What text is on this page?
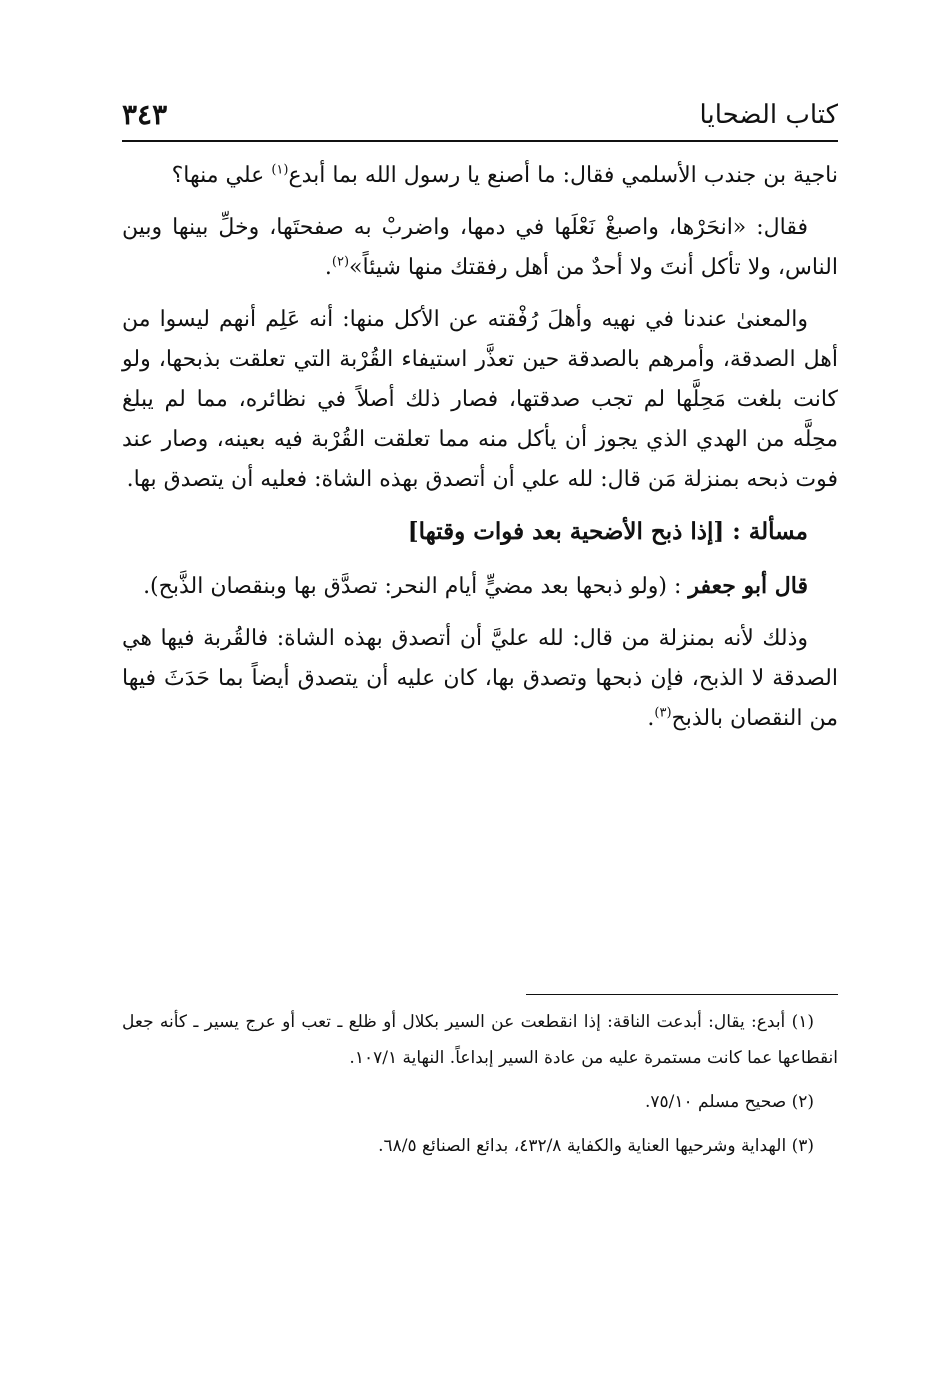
كتاب الضحايا
٣٤٣

ناجية بن جندب الأسلمي فقال: ما أصنع يا رسول الله بما أبدع$^{(١)}$ علي منها؟

فقال: «انحَرْها، واصبغْ نَعْلَها في دمها، واضربْ به صفحتَها، وخلِّ بينها وبين الناس، ولا تأكل أنتَ ولا أحدٌ من أهل رفقتك منها شيئاً»$^{(٢)}$.

والمعنىٰ عندنا في نهيه وأهلَ رُفْقته عن الأكل منها: أنه عَلِم أنهم ليسوا من أهل الصدقة، وأمرهم بالصدقة حين تعذَّر استيفاء القُرْبة التي تعلقت بذبحها، ولو كانت بلغت مَحِلَّها لم تجب صدقتها، فصار ذلك أصلاً في نظائره، مما لم يبلغ محِلَّه من الهدي الذي يجوز أن يأكل منه مما تعلقت القُرْبة فيه بعينه، وصار عند فوت ذبحه بمنزلة مَن قال: لله علي أن أتصدق بهذه الشاة: فعليه أن يتصدق بها.

مسألة : [إذا ذبح الأضحية بعد فوات وقتها]

قال أبو جعفر : (ولو ذبحها بعد مضيٍّ أيام النحر: تصدَّق بها وبنقصان الذَّبح).

وذلك لأنه بمنزلة من قال: لله عليَّ أن أتصدق بهذه الشاة: فالقُربة فيها هي الصدقة لا الذبح، فإن ذبحها وتصدق بها، كان عليه أن يتصدق أيضاً بما حَدَثَ فيها من النقصان بالذبح$^{(٣)}$.

(١) أبدع: يقال: أبدعت الناقة: إذا انقطعت عن السير بكلال أو ظلع ـ تعب أو عرج يسير ـ كأنه جعل انقطاعها عما كانت مستمرة عليه من عادة السير إبداعاً. النهاية ١٠٧/١.

(٢) صحيح مسلم ٧٥/١٠.

(٣) الهداية وشرحيها العناية والكفاية ٤٣٢/٨، بدائع الصنائع ٦٨/٥.
